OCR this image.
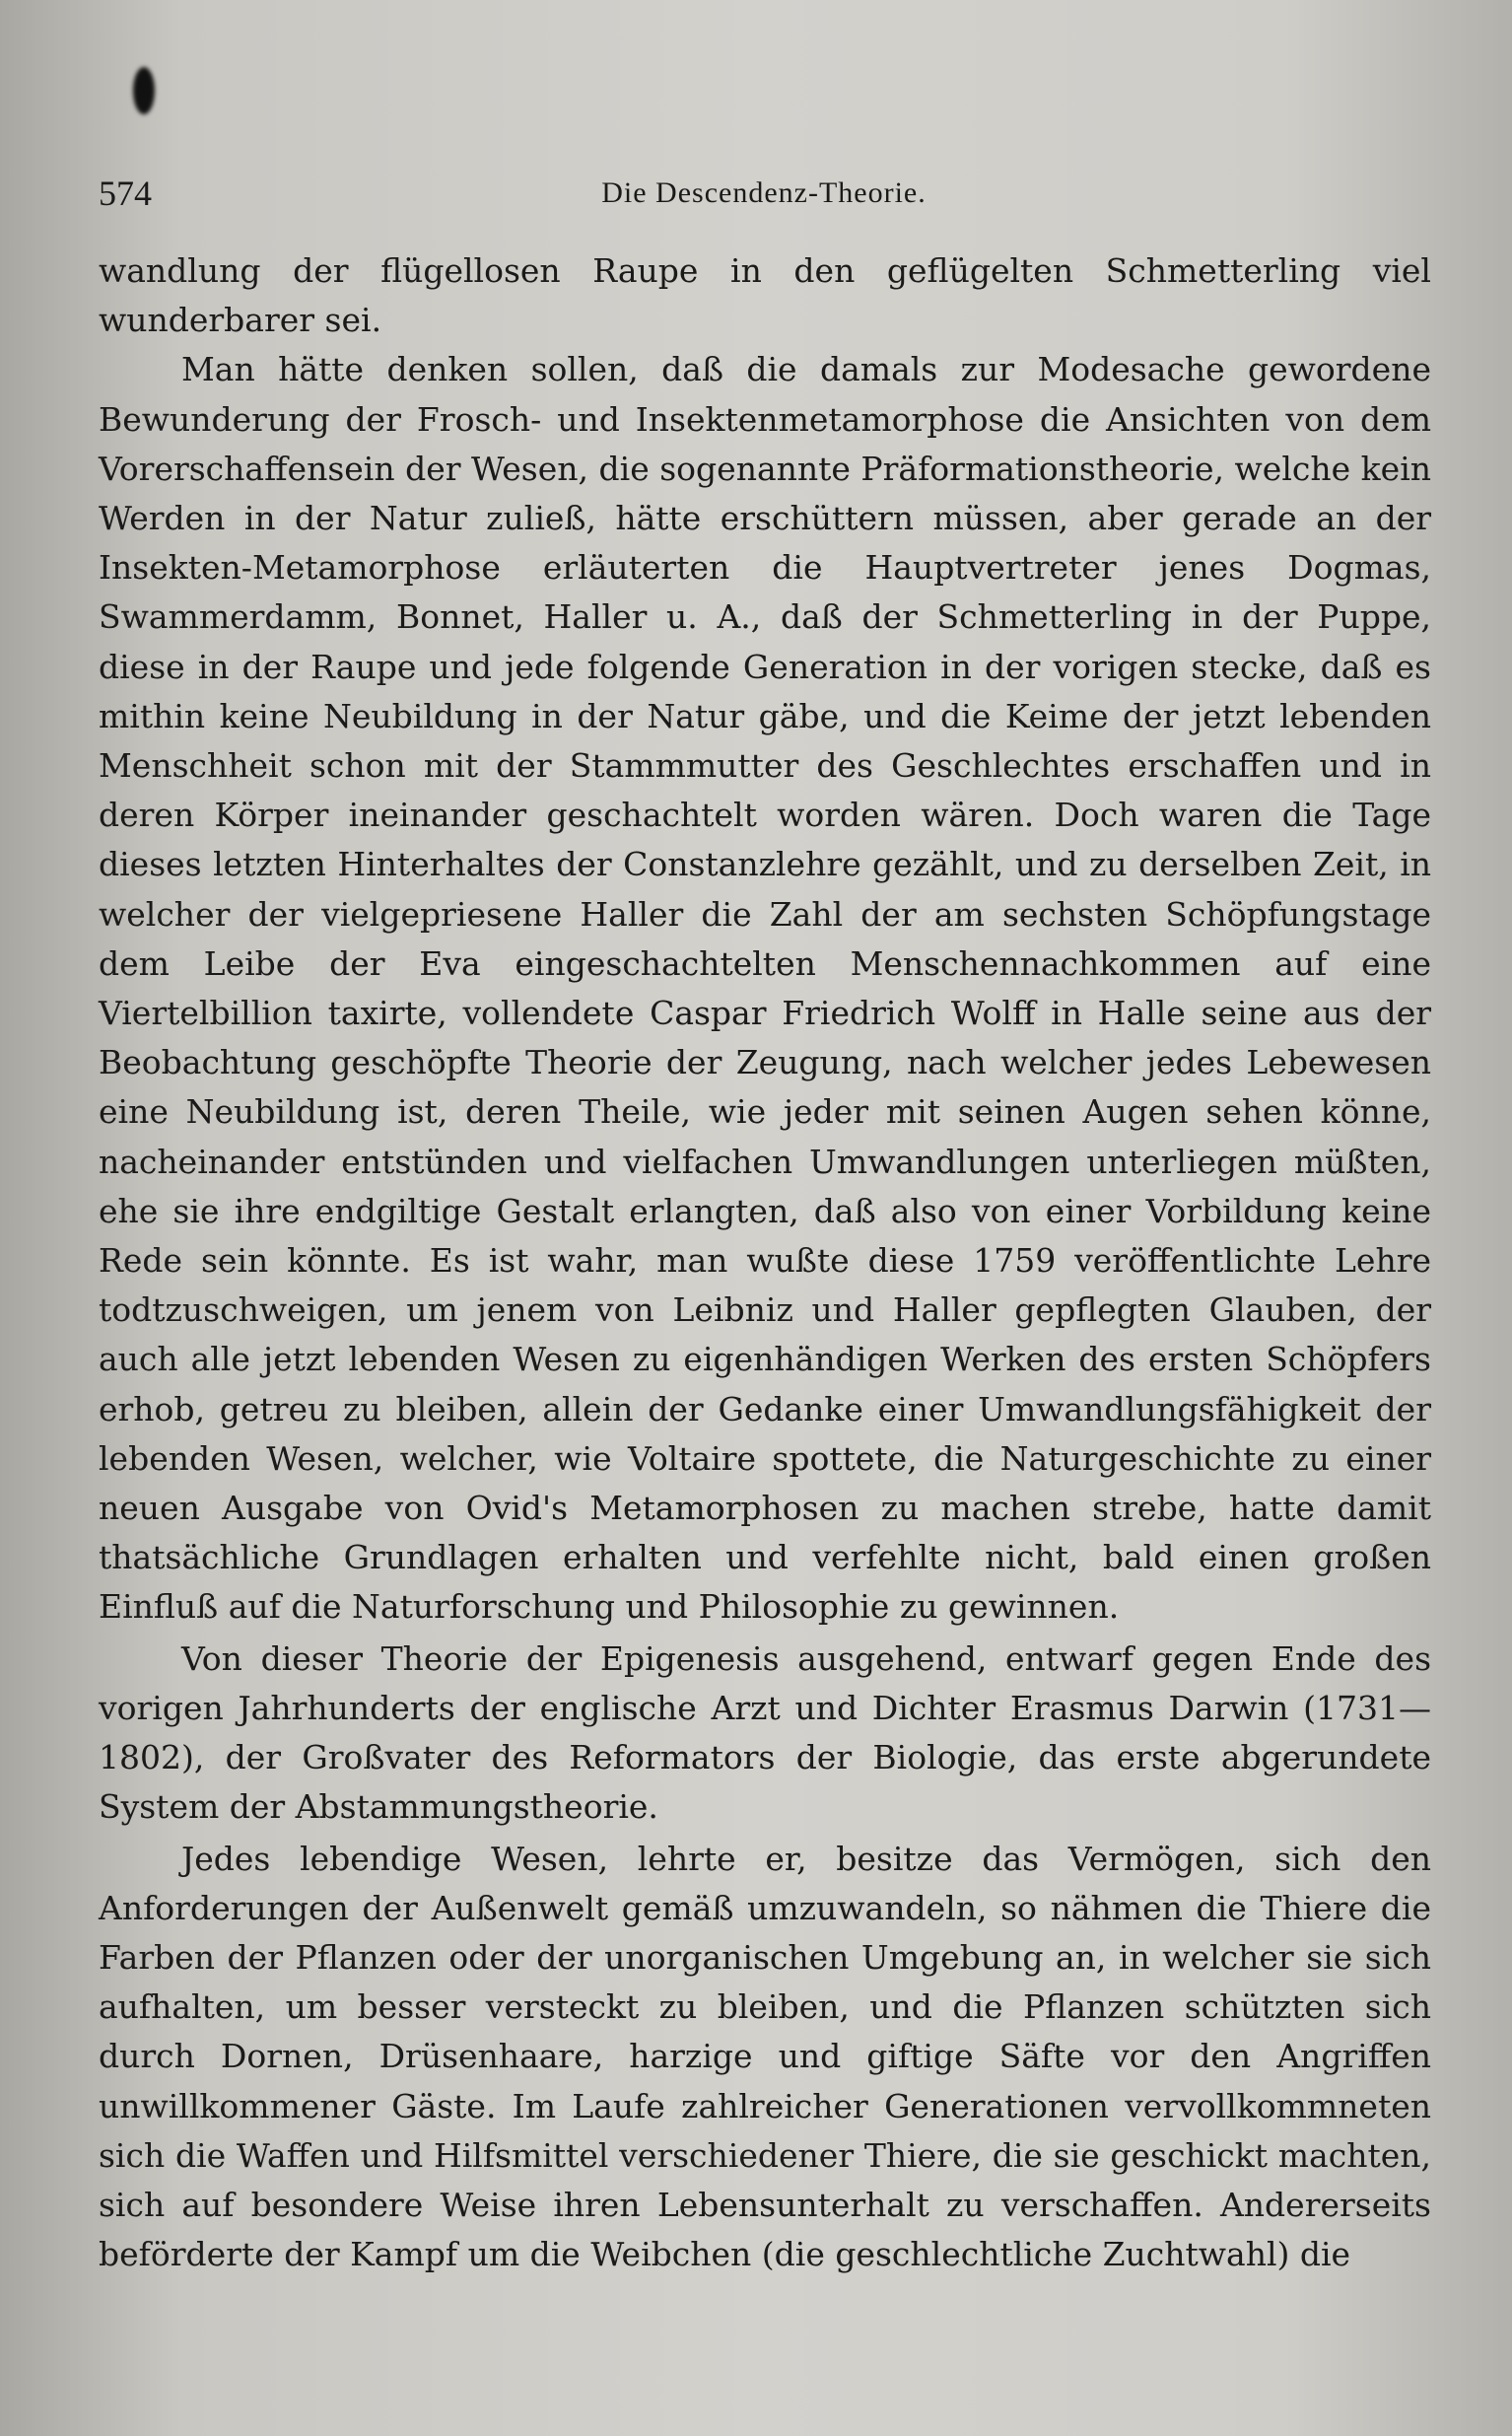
574	Die Descendenz-Theorie.

wandlung der flügellosen Raupe in den geflügelten Schmetterling viel wunderbarer sei.

Man hätte denken sollen, daß die damals zur Modesache gewordene Bewunderung der Frosch- und Insektenmetamorphose die Ansichten von dem Vorerschaffensein der Wesen, die sogenannte Präformationstheorie, welche kein Werden in der Natur zuließ, hätte erschüttern müssen, aber gerade an der Insekten-Metamorphose erläuterten die Hauptvertreter jenes Dogmas, Swammerdamm, Bonnet, Haller u. A., daß der Schmetterling in der Puppe, diese in der Raupe und jede folgende Generation in der vorigen stecke, daß es mithin keine Neubildung in der Natur gäbe, und die Keime der jetzt lebenden Menschheit schon mit der Stammmutter des Geschlechtes erschaffen und in deren Körper ineinander geschachtelt worden wären. Doch waren die Tage dieses letzten Hinterhaltes der Constanzlehre gezählt, und zu derselben Zeit, in welcher der vielgepriesene Haller die Zahl der am sechsten Schöpfungstage dem Leibe der Eva eingeschachtelten Menschennachkommen auf eine Viertelbillion taxirte, vollendete Caspar Friedrich Wolff in Halle seine aus der Beobachtung geschöpfte Theorie der Zeugung, nach welcher jedes Lebewesen eine Neubildung ist, deren Theile, wie jeder mit seinen Augen sehen könne, nacheinander entstünden und vielfachen Umwandlungen unterliegen müßten, ehe sie ihre endgiltige Gestalt erlangten, daß also von einer Vorbildung keine Rede sein könnte. Es ist wahr, man wußte diese 1759 veröffentlichte Lehre todtzuschweigen, um jenem von Leibniz und Haller gepflegten Glauben, der auch alle jetzt lebenden Wesen zu eigenhändigen Werken des ersten Schöpfers erhob, getreu zu bleiben, allein der Gedanke einer Umwandlungsfähigkeit der lebenden Wesen, welcher, wie Voltaire spottete, die Naturgeschichte zu einer neuen Ausgabe von Ovid's Metamorphosen zu machen strebe, hatte damit thatsächliche Grundlagen erhalten und verfehlte nicht, bald einen großen Einfluß auf die Naturforschung und Philosophie zu gewinnen.

Von dieser Theorie der Epigenesis ausgehend, entwarf gegen Ende des vorigen Jahrhunderts der englische Arzt und Dichter Erasmus Darwin (1731—1802), der Großvater des Reformators der Biologie, das erste abgerundete System der Abstammungstheorie.

Jedes lebendige Wesen, lehrte er, besitze das Vermögen, sich den Anforderungen der Außenwelt gemäß umzuwandeln, so nähmen die Thiere die Farben der Pflanzen oder der unorganischen Umgebung an, in welcher sie sich aufhalten, um besser versteckt zu bleiben, und die Pflanzen schützten sich durch Dornen, Drüsenhaare, harzige und giftige Säfte vor den Angriffen unwillkommener Gäste. Im Laufe zahlreicher Generationen vervollkommneten sich die Waffen und Hilfsmittel verschiedener Thiere, die sie geschickt machten, sich auf besondere Weise ihren Lebensunterhalt zu verschaffen. Andererseits beförderte der Kampf um die Weibchen (die geschlechtliche Zuchtwahl) die
